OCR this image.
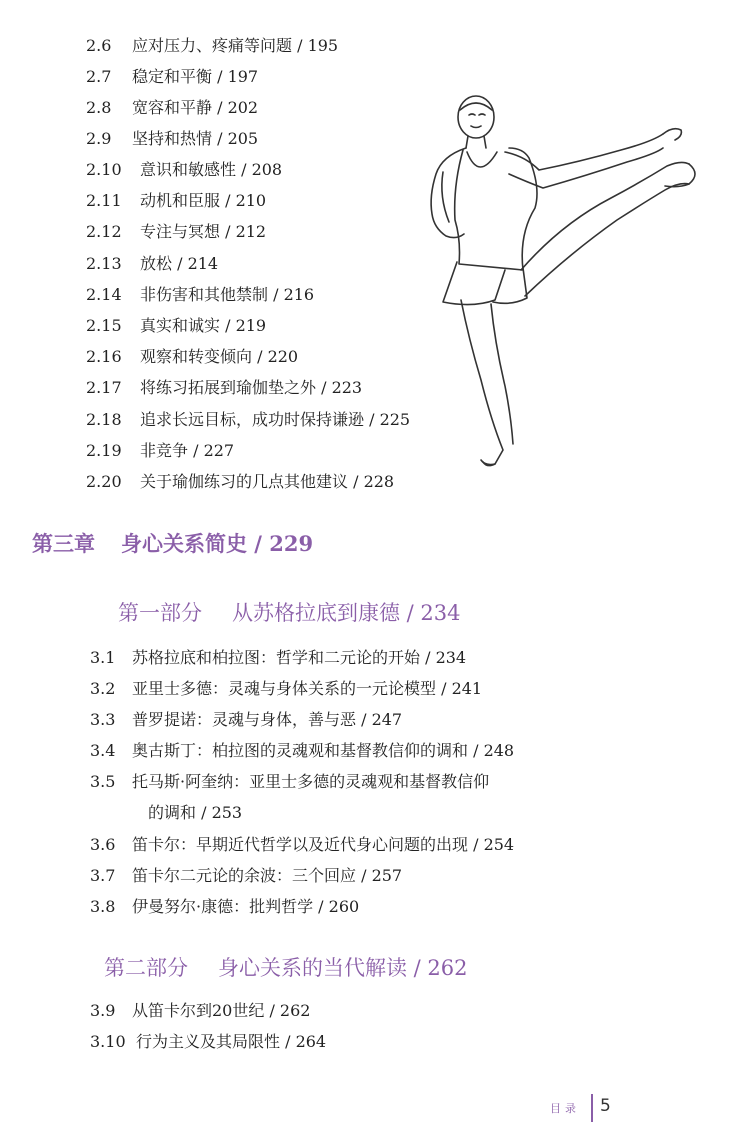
2.6 应对压力、疼痛等问题 / 195
2.7 稳定和平衡 / 197
2.8 宽容和平静 / 202
2.9 坚持和热情 / 205
2.10 意识和敏感性 / 208
2.11 动机和臣服 / 210
2.12 专注与冥想 / 212
2.13 放松 / 214
2.14 非伤害和其他禁制 / 216
2.15 真实和诚实 / 219
2.16 观察和转变倾向 / 220
2.17 将练习拓展到瑜伽垫之外 / 223
2.18 追求长远目标，成功时保持谦逊 / 225
2.19 非竞争 / 227
2.20 关于瑜伽练习的几点其他建议 / 228
第三章 身心关系简史 / 229
第一部分 从苏格拉底到康德 / 234
3.1 苏格拉底和柏拉图：哲学和二元论的开始 / 234
3.2 亚里士多德：灵魂与身体关系的一元论模型 / 241
3.3 普罗提诺：灵魂与身体，善与恶 / 247
3.4 奥古斯丁：柏拉图的灵魂观和基督教信仰的调和 / 248
3.5 托马斯·阿奎纳：亚里士多德的灵魂观和基督教信仰
的调和 / 253
3.6 笛卡尔：早期近代哲学以及近代身心问题的出现 / 254
3.7 笛卡尔二元论的余波：三个回应 / 257
3.8 伊曼努尔·康德：批判哲学 / 260
第二部分 身心关系的当代解读 / 262
3.9 从笛卡尔到20世纪 / 262
3.10 行为主义及其局限性 / 264
目录 5
